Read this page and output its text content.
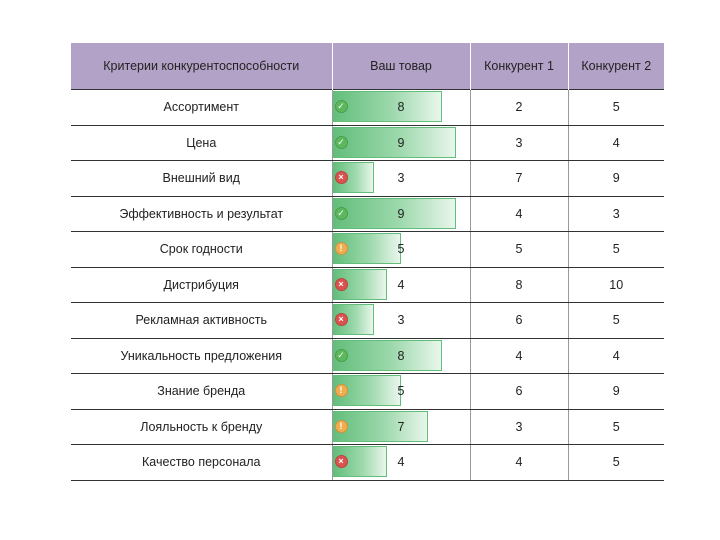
Критерии конкурентоспособности	Ваш товар	Конкурент 1	Конкурент 2
Ассортимент	✓ 8	2	5
Цена	✓ 9	3	4
Внешний вид	× 3	7	9
Эффективность и результат	✓ 9	4	3
Срок годности	! 5	5	5
Дистрибуция	× 4	8	10
Рекламная активность	× 3	6	5
Уникальность предложения	✓ 8	4	4
Знание бренда	! 5	6	9
Лояльность к бренду	! 7	3	5
Качество персонала	× 4	4	5
